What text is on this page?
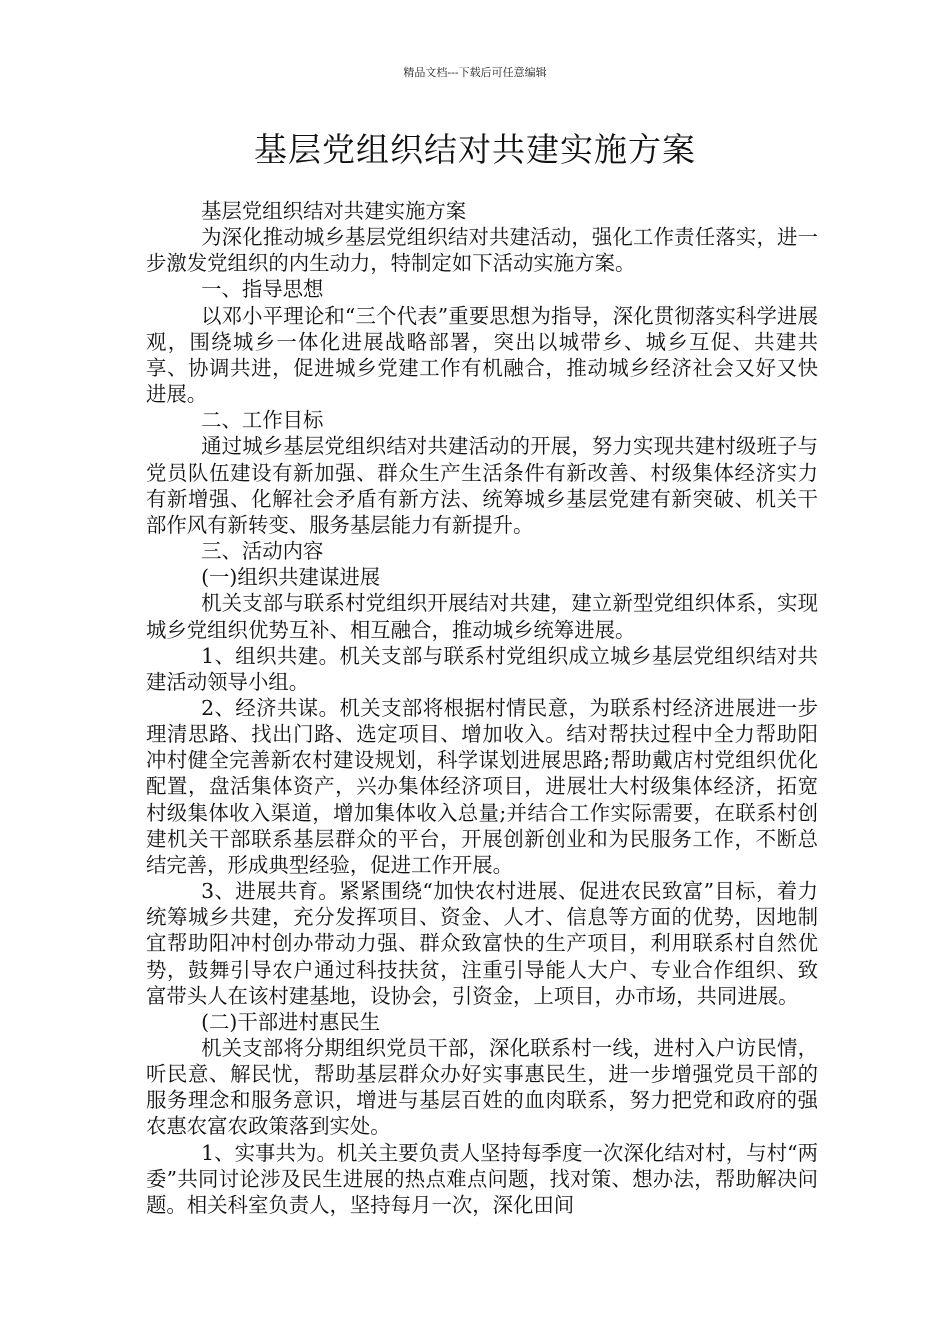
精品文档---下载后可任意编辑
基层党组织结对共建实施方案

基层党组织结对共建实施方案

为深化推动城乡基层党组织结对共建活动，强化工作责任落实，进一步激发党组织的内生动力，特制定如下活动实施方案。

一、指导思想

以邓小平理论和“三个代表”重要思想为指导，深化贯彻落实科学进展观，围绕城乡一体化进展战略部署，突出以城带乡、城乡互促、共建共享、协调共进，促进城乡党建工作有机融合，推动城乡经济社会又好又快进展。

二、工作目标

通过城乡基层党组织结对共建活动的开展，努力实现共建村级班子与党员队伍建设有新加强、群众生产生活条件有新改善、村级集体经济实力有新增强、化解社会矛盾有新方法、统筹城乡基层党建有新突破、机关干部作风有新转变、服务基层能力有新提升。

三、活动内容

(一)组织共建谋进展

机关支部与联系村党组织开展结对共建，建立新型党组织体系，实现城乡党组织优势互补、相互融合，推动城乡统筹进展。

1、组织共建。机关支部与联系村党组织成立城乡基层党组织结对共建活动领导小组。

2、经济共谋。机关支部将根据村情民意，为联系村经济进展进一步理清思路、找出门路、选定项目、增加收入。结对帮扶过程中全力帮助阳冲村健全完善新农村建设规划，科学谋划进展思路;帮助戴店村党组织优化配置，盘活集体资产，兴办集体经济项目，进展壮大村级集体经济，拓宽村级集体收入渠道，增加集体收入总量;并结合工作实际需要，在联系村创建机关干部联系基层群众的平台，开展创新创业和为民服务工作，不断总结完善，形成典型经验，促进工作开展。

3、进展共育。紧紧围绕“加快农村进展、促进农民致富”目标，着力统筹城乡共建，充分发挥项目、资金、人才、信息等方面的优势，因地制宜帮助阳冲村创办带动力强、群众致富快的生产项目，利用联系村自然优势，鼓舞引导农户通过科技扶贫，注重引导能人大户、专业合作组织、致富带头人在该村建基地，设协会，引资金，上项目，办市场，共同进展。

(二)干部进村惠民生

机关支部将分期组织党员干部，深化联系村一线，进村入户访民情，听民意、解民忧，帮助基层群众办好实事惠民生，进一步增强党员干部的服务理念和服务意识，增进与基层百姓的血肉联系，努力把党和政府的强农惠农富农政策落到实处。

1、实事共为。机关主要负责人坚持每季度一次深化结对村，与村“两委”共同讨论涉及民生进展的热点难点问题，找对策、想办法，帮助解决问题。相关科室负责人，坚持每月一次，深化田间
